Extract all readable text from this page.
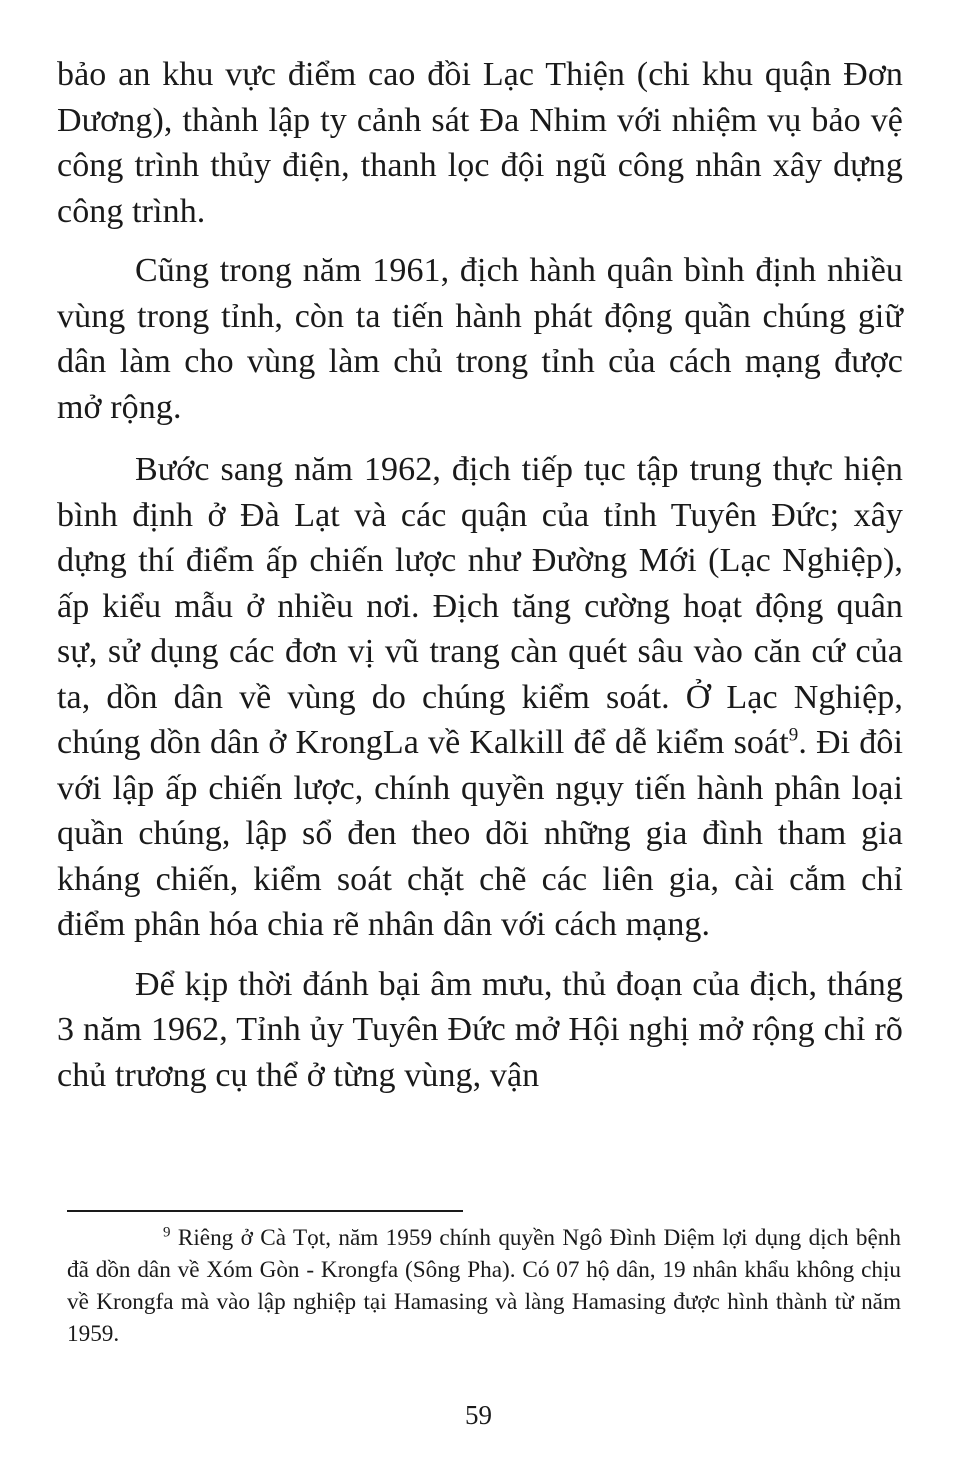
bảo an khu vực điểm cao đồi Lạc Thiện (chi khu quận Đơn Dương), thành lập ty cảnh sát Đa Nhim với nhiệm vụ bảo vệ công trình thủy điện, thanh lọc đội ngũ công nhân xây dựng công trình.

Cũng trong năm 1961, địch hành quân bình định nhiều vùng trong tỉnh, còn ta tiến hành phát động quần chúng giữ dân làm cho vùng làm chủ trong tỉnh của cách mạng được mở rộng.

Bước sang năm 1962, địch tiếp tục tập trung thực hiện bình định ở Đà Lạt và các quận của tỉnh Tuyên Đức; xây dựng thí điểm ấp chiến lược như Đường Mới (Lạc Nghiệp), ấp kiểu mẫu ở nhiều nơi. Địch tăng cường hoạt động quân sự, sử dụng các đơn vị vũ trang càn quét sâu vào căn cứ của ta, dồn dân về vùng do chúng kiểm soát. Ở Lạc Nghiệp, chúng dồn dân ở KrongLa về Kalkill để dễ kiểm soát$^9$. Đi đôi với lập ấp chiến lược, chính quyền ngụy tiến hành phân loại quần chúng, lập sổ đen theo dõi những gia đình tham gia kháng chiến, kiểm soát chặt chẽ các liên gia, cài cắm chỉ điểm phân hóa chia rẽ nhân dân với cách mạng.

Để kịp thời đánh bại âm mưu, thủ đoạn của địch, tháng 3 năm 1962, Tỉnh ủy Tuyên Đức mở Hội nghị mở rộng chỉ rõ chủ trương cụ thể ở từng vùng, vận

$^9$ Riêng ở Cà Tọt, năm 1959 chính quyền Ngô Đình Diệm lợi dụng dịch bệnh đã dồn dân về Xóm Gòn - Krongfa (Sông Pha). Có 07 hộ dân, 19 nhân khẩu không chịu về Krongfa mà vào lập nghiệp tại Hamasing và làng Hamasing được hình thành từ năm 1959.

59
